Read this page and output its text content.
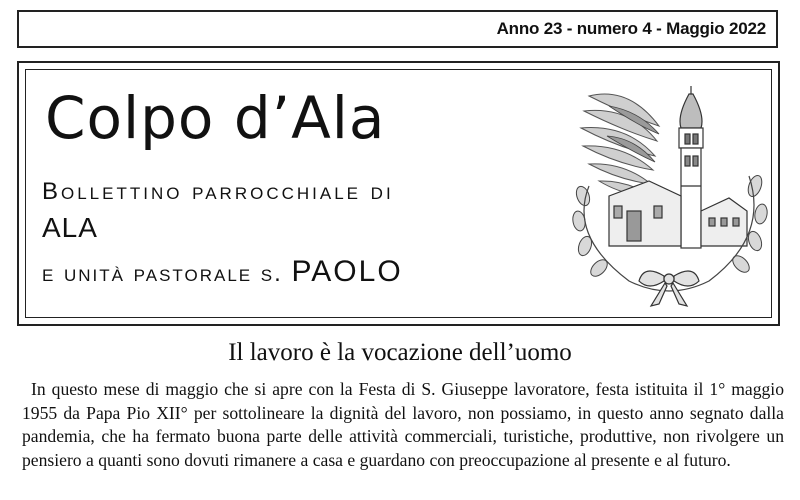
Anno 23 - numero 4 - Maggio 2022
Colpo d’Ala
Bollettino parrocchiale di
ALA
e unità pastorale s. PAOLO
Il lavoro è la vocazione dell’uomo
In questo mese di maggio che si apre con la Festa di S. Giuseppe lavoratore, festa istituita il 1° maggio 1955 da Papa Pio XII° per sottolineare la dignità del lavoro, non possiamo, in questo anno segnato dalla pandemia, che ha fermato buona parte delle attività commerciali, turistiche, produttive, non rivolgere un pensiero a quanti sono dovuti rimanere a casa e guardano con preoccupazione al presente e al futuro.
